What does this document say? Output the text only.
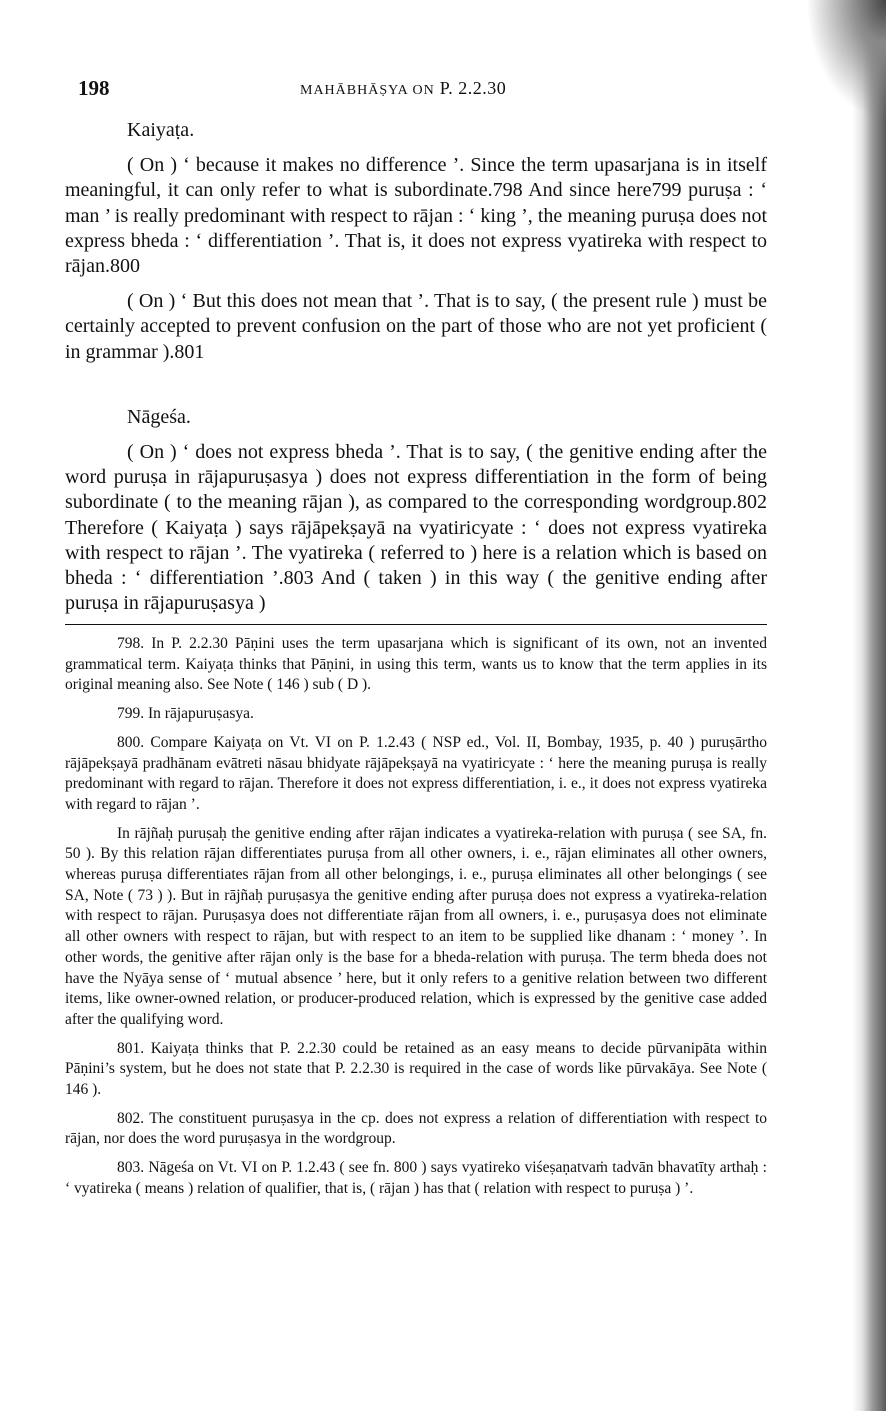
198	MAHĀBHĀṢYA ON P. 2.2.30
Kaiyaṭa.

( On ) ‘ because it makes no difference ’. Since the term upasarjana is in itself meaningful, it can only refer to what is subordinate.798 And since here799 puruṣa : ‘ man ’ is really predominant with respect to rājan : ‘ king ’, the meaning puruṣa does not express bheda : ‘ differentiation ’. That is, it does not express vyatireka with respect to rājan.800

( On ) ‘ But this does not mean that ’. That is to say, ( the present rule ) must be certainly accepted to prevent confusion on the part of those who are not yet proficient ( in grammar ).801

Nāgeśa.

( On ) ‘ does not express bheda ’. That is to say, ( the genitive ending after the word puruṣa in rājapuruṣasya ) does not express differentiation in the form of being subordinate ( to the meaning rājan ), as compared to the corresponding wordgroup.802 Therefore ( Kaiyaṭa ) says rājāpekṣayā na vyatiricyate : ‘ does not express vyatireka with respect to rājan ’. The vyatireka ( referred to ) here is a relation which is based on bheda : ‘ differentiation ’.803 And ( taken ) in this way ( the genitive ending after puruṣa in rājapuruṣasya )

798. In P. 2.2.30 Pāṇini uses the term upasarjana which is significant of its own, not an invented grammatical term. Kaiyaṭa thinks that Pāṇini, in using this term, wants us to know that the term applies in its original meaning also. See Note ( 146 ) sub ( D ).

799. In rājapuruṣasya.

800. Compare Kaiyaṭa on Vt. VI on P. 1.2.43 ( NSP ed., Vol. II, Bombay, 1935, p. 40 ) puruṣārtho rājāpekṣayā pradhānam evātreti nāsau bhidyate rājāpekṣayā na vyatiricyate : ‘ here the meaning puruṣa is really predominant with regard to rājan. Therefore it does not express differentiation, i. e., it does not express vyatireka with regard to rājan ’.

In rājñaḥ puruṣaḥ the genitive ending after rājan indicates a vyatireka-relation with puruṣa ( see SA, fn. 50 ). By this relation rājan differentiates puruṣa from all other owners, i. e., rājan eliminates all other owners, whereas puruṣa differentiates rājan from all other belongings, i. e., puruṣa eliminates all other belongings ( see SA, Note ( 73 ) ). But in rājñaḥ puruṣasya the genitive ending after puruṣa does not express a vyatireka-relation with respect to rājan. Puruṣasya does not differentiate rājan from all owners, i. e., puruṣasya does not eliminate all other owners with respect to rājan, but with respect to an item to be supplied like dhanam : ‘ money ’. In other words, the genitive after rājan only is the base for a bheda-relation with puruṣa. The term bheda does not have the Nyāya sense of ‘ mutual absence ’ here, but it only refers to a genitive relation between two different items, like owner-owned relation, or producer-produced relation, which is expressed by the genitive case added after the qualifying word.

801. Kaiyaṭa thinks that P. 2.2.30 could be retained as an easy means to decide pūrvanipāta within Pāṇini’s system, but he does not state that P. 2.2.30 is required in the case of words like pūrvakāya. See Note ( 146 ).

802. The constituent puruṣasya in the cp. does not express a relation of differentiation with respect to rājan, nor does the word puruṣasya in the wordgroup.

803. Nāgeśa on Vt. VI on P. 1.2.43 ( see fn. 800 ) says vyatireko viśeṣaṇatvaṁ tadvān bhavatīty arthaḥ : ‘ vyatireka ( means ) relation of qualifier, that is, ( rājan ) has that ( relation with respect to puruṣa ) ’.
